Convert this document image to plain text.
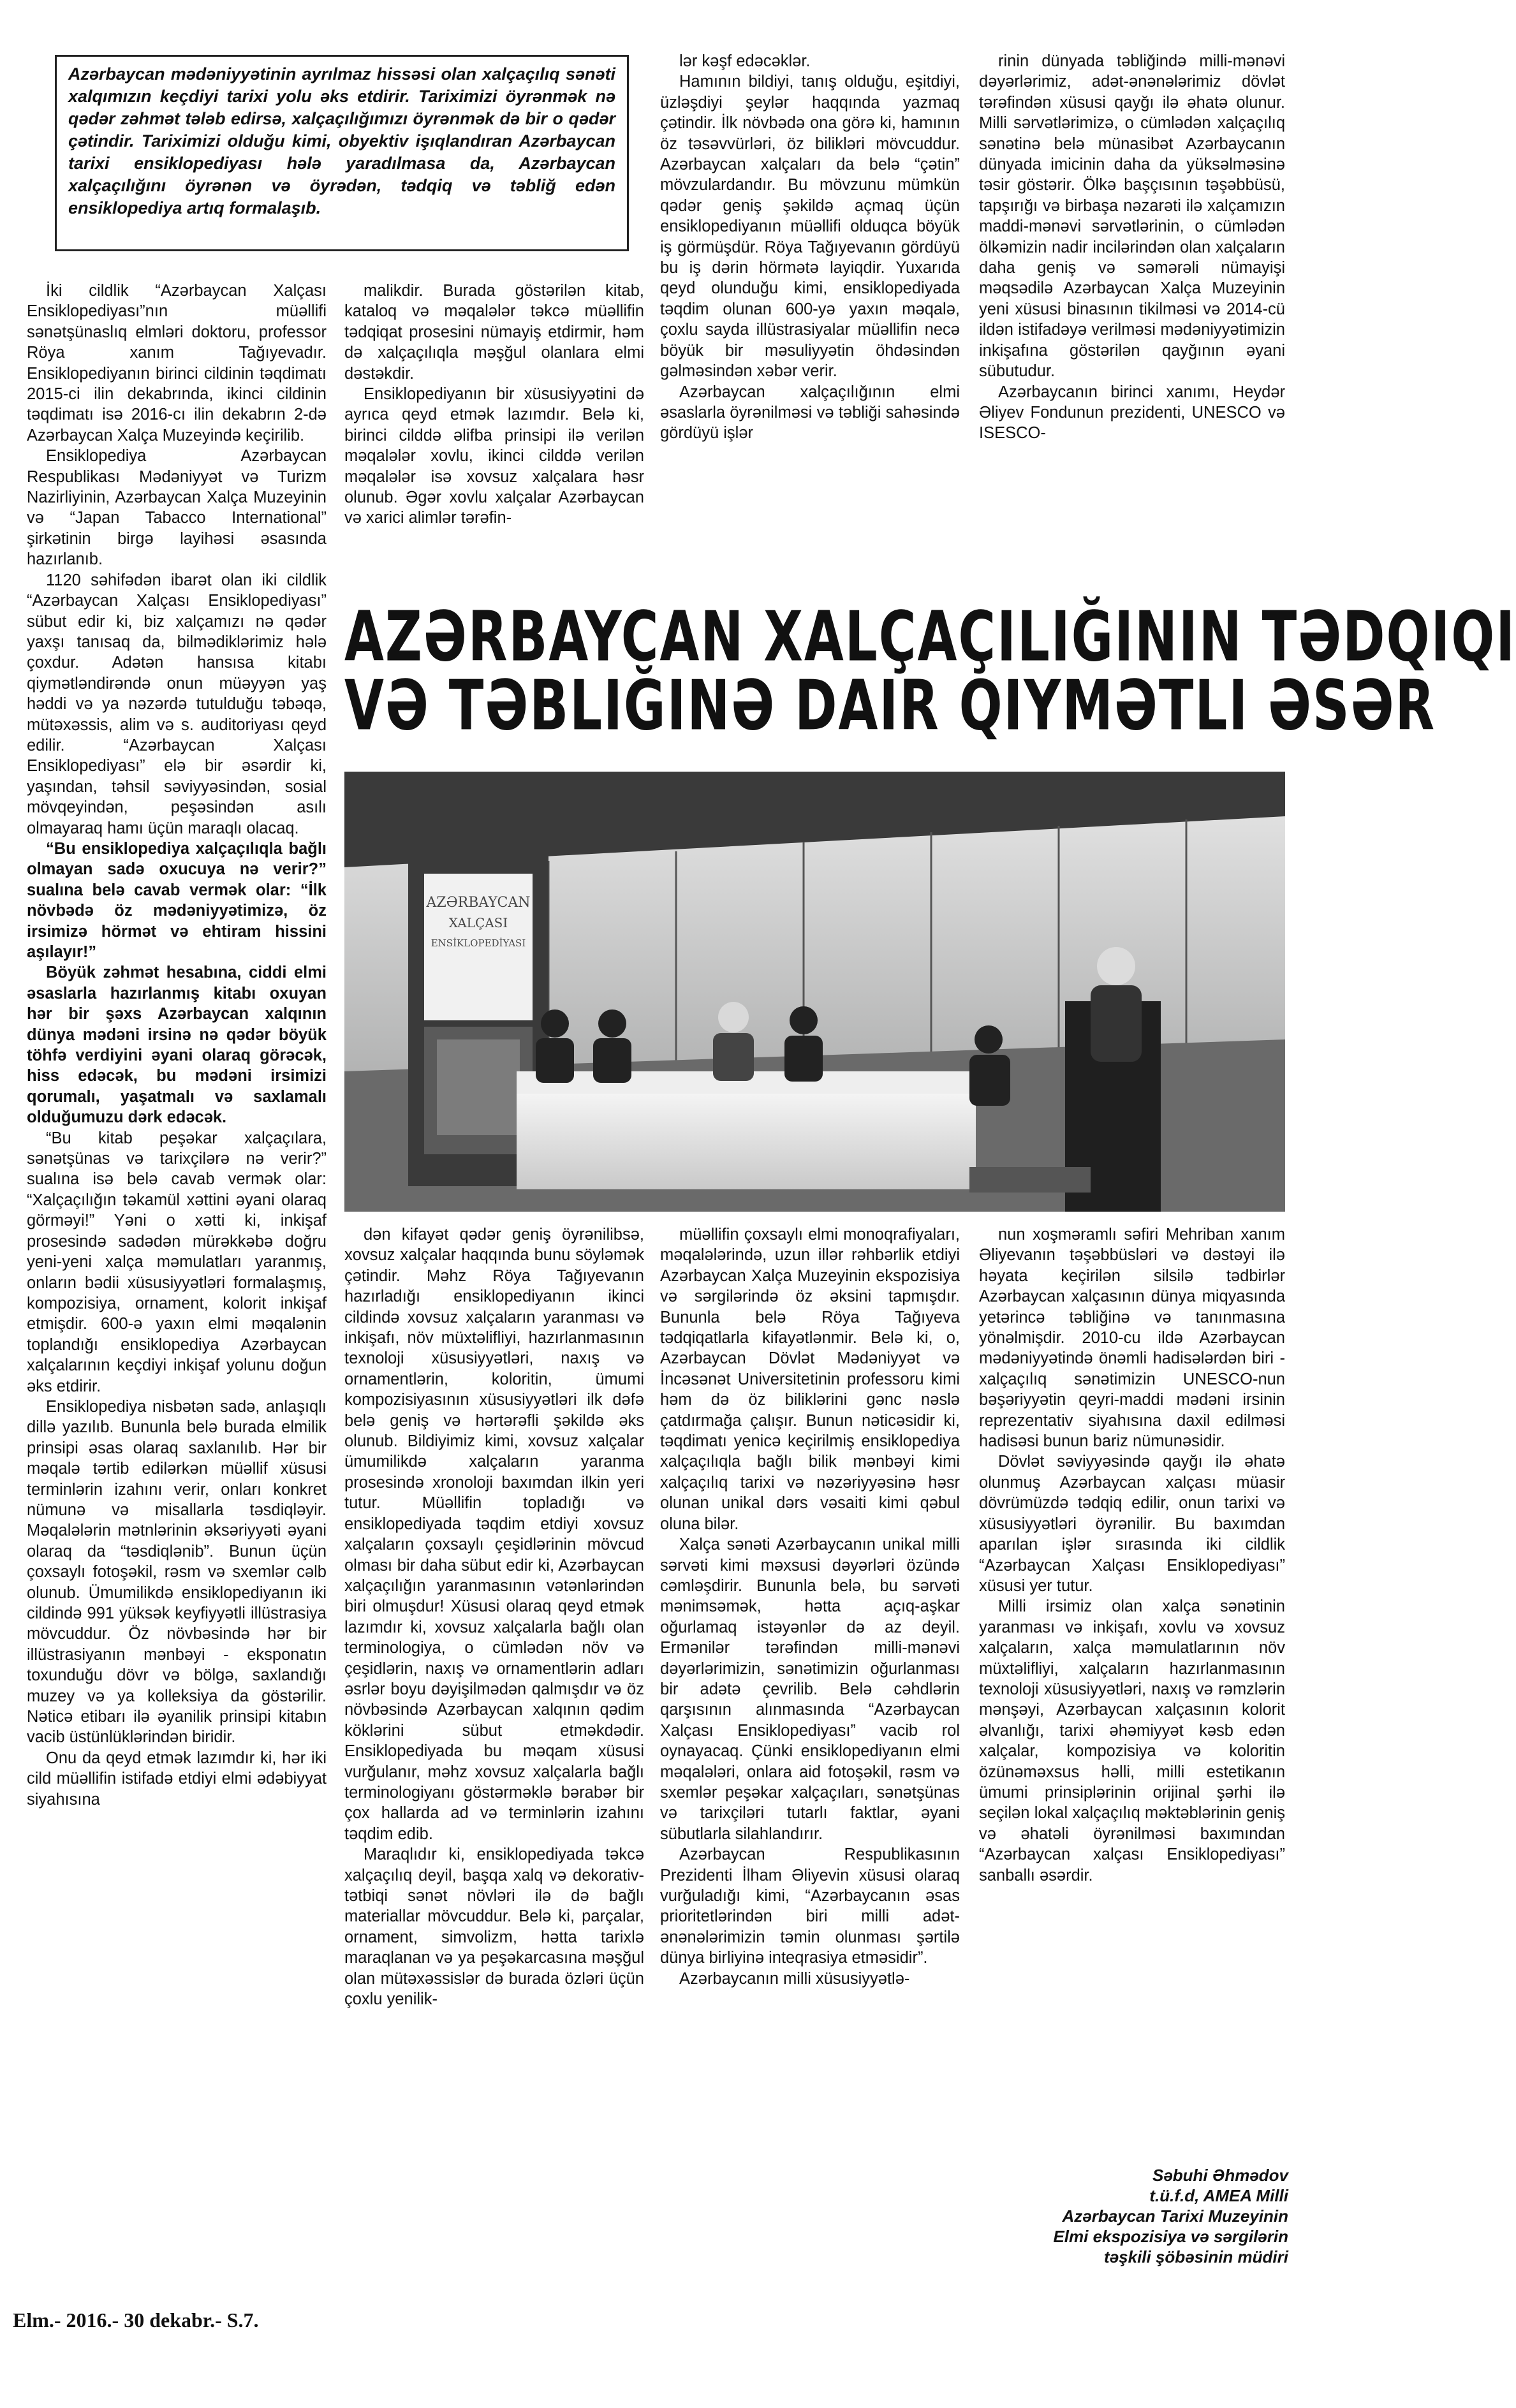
Azərbaycan mədəniyyətinin ayrılmaz hissəsi olan xalçaçılıq sənəti xalqımızın keçdiyi tarixi yolu əks etdirir. Tariximizi öyrənmək nə qədər zəhmət tələb edirsə, xalçaçılığımızı öyrənmək də bir o qədər çətindir. Tariximizi olduğu kimi, obyektiv işıqlandıran Azərbaycan tarixi ensiklopediyası hələ yaradılmasa da, Azərbaycan xalçaçılığını öyrənən və öyrədən, tədqiq və təbliğ edən ensiklopediya artıq formalaşıb.

İki cildlik “Azərbaycan Xalçası Ensiklopediyası”nın müəllifi sənətşünaslıq elmləri doktoru, professor Röya xanım Tağıyevadır. Ensiklopediyanın birinci cildinin təqdimatı 2015-ci ilin dekabrında, ikinci cildinin təqdimatı isə 2016-cı ilin dekabrın 2-də Azərbaycan Xalça Muzeyində keçirilib.

Ensiklopediya Azərbaycan Respublikası Mədəniyyət və Turizm Nazirliyinin, Azərbaycan Xalça Muzeyinin və “Japan Tabacco International” şirkətinin birgə layihəsi əsasında hazırlanıb.

1120 səhifədən ibarət olan iki cildlik “Azərbaycan Xalçası Ensiklopediyası” sübut edir ki, biz xalçamızı nə qədər yaxşı tanısaq da, bilmədiklərimiz hələ çoxdur. Adətən hansısa kitabı qiymətləndirəndə onun müəyyən yaş həddi və ya nəzərdə tutulduğu təbəqə, mütəxəssis, alim və s. auditoriyası qeyd edilir. “Azərbaycan Xalçası Ensiklopediyası” elə bir əsərdir ki, yaşından, təhsil səviyyəsindən, sosial mövqeyindən, peşəsindən asılı olmayaraq hamı üçün maraqlı olacaq.

“Bu ensiklopediya xalçaçılıqla bağlı olmayan sadə oxucuya nə verir?” sualına belə cavab vermək olar: “İlk növbədə öz mədəniyyətimizə, öz irsimizə hörmət və ehtiram hissini aşılayır!”

Böyük zəhmət hesabına, ciddi elmi əsaslarla hazırlanmış kitabı oxuyan hər bir şəxs Azərbaycan xalqının dünya mədəni irsinə nə qədər böyük töhfə verdiyini əyani olaraq görəcək, hiss edəcək, bu mədəni irsimizi qorumalı, yaşatmalı və saxlamalı olduğumuzu dərk edəcək.

“Bu kitab peşəkar xalçaçılara, sənətşünas və tarixçilərə nə verir?” sualına isə belə cavab vermək olar: “Xalçaçılığın təkamül xəttini əyani olaraq görməyi!” Yəni o xətti ki, inkişaf prosesində sadədən mürəkkəbə doğru yeni-yeni xalça məmulatları yaranmış, onların bədii xüsusiyyətləri formalaşmış, kompozisiya, ornament, kolorit inkişaf etmişdir. 600-ə yaxın elmi məqalənin toplandığı ensiklopediya Azərbaycan xalçalarının keçdiyi inkişaf yolunu doğun əks etdirir.

Ensiklopediya nisbətən sadə, anlaşıqlı dillə yazılıb. Bununla belə burada elmilik prinsipi əsas olaraq saxlanılıb. Hər bir məqalə tərtib edilərkən müəllif xüsusi terminlərin izahını verir, onları konkret nümunə və misallarla təsdiqləyir. Məqalələrin mətnlərinin əksəriyyəti əyani olaraq da “təsdiqlənib”. Bunun üçün çoxsaylı fotoşəkil, rəsm və sxemlər cəlb olunub. Ümumilikdə ensiklopediyanın iki cildində 991 yüksək keyfiyyətli illüstrasiya mövcuddur. Öz növbəsində hər bir illüstrasiyanın mənbəyi - eksponatın toxunduğu dövr və bölgə, saxlandığı muzey və ya kolleksiya da göstərilir. Nəticə etibarı ilə əyanilik prinsipi kitabın vacib üstünlüklərindən biridir.

Onu da qeyd etmək lazımdır ki, hər iki cild müəllifin istifadə etdiyi elmi ədəbiyyat siyahısına

malikdir. Burada göstərilən kitab, kataloq və məqalələr təkcə müəllifin tədqiqat prosesini nümayiş etdirmir, həm də xalçaçılıqla məşğul olanlara elmi dəstəkdir.

Ensiklopediyanın bir xüsusiyyətini də ayrıca qeyd etmək lazımdır. Belə ki, birinci cilddə əlifba prinsipi ilə verilən məqalələr xovlu, ikinci cilddə verilən məqalələr isə xovsuz xalçalara həsr olunub. Əgər xovlu xalçalar Azərbaycan və xarici alimlər tərəfin-

lər kəşf edəcəklər.

Hamının bildiyi, tanış olduğu, eşitdiyi, üzləşdiyi şeylər haqqında yazmaq çətindir. İlk növbədə ona görə ki, hamının öz təsəvvürləri, öz bilikləri mövcuddur. Azərbaycan xalçaları da belə “çətin” mövzulardandır. Bu mövzunu mümkün qədər geniş şəkildə açmaq üçün ensiklopediyanın müəllifi olduqca böyük iş görmüşdür. Röya Tağıyevanın gördüyü bu iş dərin hörmətə layiqdir. Yuxarıda qeyd olunduğu kimi, ensiklopediyada təqdim olunan 600-yə yaxın məqalə, çoxlu sayda illüstrasiyalar müəllifin necə böyük bir məsuliyyətin öhdəsindən gəlməsindən xəbər verir.

Azərbaycan xalçaçılığının elmi əsaslarla öyrənilməsi və təbliği sahəsində gördüyü işlər

rinin dünyada təbliğində milli-mənəvi dəyərlərimiz, adət-ənənələrimiz dövlət tərəfindən xüsusi qayğı ilə əhatə olunur. Milli sərvətlərimizə, o cümlədən xalçaçılıq sənətinə belə münasibət Azərbaycanın dünyada imicinin daha da yüksəlməsinə təsir göstərir. Ölkə başçısının təşəbbüsü, tapşırığı və birbaşa nəzarəti ilə xalçamızın maddi-mənəvi sərvətlərinin, o cümlədən ölkəmizin nadir incilərindən olan xalçaların daha geniş və səmərəli nümayişi məqsədilə Azərbaycan Xalça Muzeyinin yeni xüsusi binasının tikilməsi və 2014-cü ildən istifadəyə verilməsi mədəniyyətimizin inkişafına göstərilən qayğının əyani sübutudur.

Azərbaycanın birinci xanımı, Heydər Əliyev Fondunun prezidenti, UNESCO və ISESCO-

AZƏRBAYCAN XALÇAÇILIĞININ TƏDQIQI
VƏ TƏBLIĞINƏ DAIR QIYMƏTLI ƏSƏR
AZƏRBAYCAN
XALÇASI
ENSİKLOPEDİYASI

dən kifayət qədər geniş öyrənilibsə, xovsuz xalçalar haqqında bunu söyləmək çətindir. Məhz Röya Tağıyevanın hazırladığı ensiklopediyanın ikinci cildində xovsuz xalçaların yaranması və inkişafı, növ müxtəlifliyi, hazırlanmasının texnoloji xüsusiyyətləri, naxış və ornamentlərin, koloritin, ümumi kompozisiyasının xüsusiyyətləri ilk dəfə belə geniş və hərtərəfli şəkildə əks olunub. Bildiyimiz kimi, xovsuz xalçalar ümumilikdə xalçaların yaranma prosesində xronoloji baxımdan ilkin yeri tutur. Müəllifin topladığı və ensiklopediyada təqdim etdiyi xovsuz xalçaların çoxsaylı çeşidlərinin mövcud olması bir daha sübut edir ki, Azərbaycan xalçaçılığın yaranmasının vətənlərindən biri olmuşdur! Xüsusi olaraq qeyd etmək lazımdır ki, xovsuz xalçalarla bağlı olan terminologiya, o cümlədən növ və çeşidlərin, naxış və ornamentlərin adları əsrlər boyu dəyişilmədən qalmışdır və öz növbəsində Azərbaycan xalqının qədim köklərini sübut etməkdədir. Ensiklopediyada bu məqam xüsusi vurğulanır, məhz xovsuz xalçalarla bağlı terminologiyanı göstərməklə bərabər bir çox hallarda ad və terminlərin izahını təqdim edib.

Maraqlıdır ki, ensiklopediyada təkcə xalçaçılıq deyil, başqa xalq və dekorativ-tətbiqi sənət növləri ilə də bağlı materiallar mövcuddur. Belə ki, parçalar, ornament, simvolizm, hətta tarixlə maraqlanan və ya peşəkarcasına məşğul olan mütəxəssislər də burada özləri üçün çoxlu yenilik-

müəllifin çoxsaylı elmi monoqrafiyaları, məqalələrində, uzun illər rəhbərlik etdiyi Azərbaycan Xalça Muzeyinin ekspozisiya və sərgilərində öz əksini tapmışdır. Bununla belə Röya Tağıyeva tədqiqatlarla kifayətlənmir. Belə ki, o, Azərbaycan Dövlət Mədəniyyət və İncəsənət Universitetinin professoru kimi həm də öz biliklərini gənc nəslə çatdırmağa çalışır. Bunun nəticəsidir ki, təqdimatı yenicə keçirilmiş ensiklopediya xalçaçılıqla bağlı bilik mənbəyi kimi xalçaçılıq tarixi və nəzəriyyəsinə həsr olunan unikal dərs vəsaiti kimi qəbul oluna bilər.

Xalça sənəti Azərbaycanın unikal milli sərvəti kimi məxsusi dəyərləri özündə cəmləşdirir. Bununla belə, bu sərvəti mənimsəmək, hətta açıq-aşkar oğurlamaq istəyənlər də az deyil. Ermənilər tərəfindən milli-mənəvi dəyərlərimizin, sənətimizin oğurlanması bir adətə çevrilib. Belə cəhdlərin qarşısının alınmasında “Azərbaycan Xalçası Ensiklopediyası” vacib rol oynayacaq. Çünki ensiklopediyanın elmi məqalələri, onlara aid fotoşəkil, rəsm və sxemlər peşəkar xalçaçıları, sənətşünas və tarixçiləri tutarlı faktlar, əyani sübutlarla silahlandırır.

Azərbaycan Respublikasının Prezidenti İlham Əliyevin xüsusi olaraq vurğuladığı kimi, “Azərbaycanın əsas prioritetlərindən biri milli adət-ənənələrimizin təmin olunması şərtilə dünya birliyinə inteqrasiya etməsidir”.

Azərbaycanın milli xüsusiyyətlə-

nun xoşməramlı səfiri Mehriban xanım Əliyevanın təşəbbüsləri və dəstəyi ilə həyata keçirilən silsilə tədbirlər Azərbaycan xalçasının dünya miqyasında yetərincə təbliğinə və tanınmasına yönəlmişdir. 2010-cu ildə Azərbaycan mədəniyyətində önəmli hadisələrdən biri - xalçaçılıq sənətimizin UNESCO-nun bəşəriyyətin qeyri-maddi mədəni irsinin reprezentativ siyahısına daxil edilməsi hadisəsi bunun bariz nümunəsidir.

Dövlət səviyyəsində qayğı ilə əhatə olunmuş Azərbaycan xalçası müasir dövrümüzdə tədqiq edilir, onun tarixi və xüsusiyyətləri öyrənilir. Bu baxımdan aparılan işlər sırasında iki cildlik “Azərbaycan Xalçası Ensiklopediyası” xüsusi yer tutur.

Milli irsimiz olan xalça sənətinin yaranması və inkişafı, xovlu və xovsuz xalçaların, xalça məmulatlarının növ müxtəlifliyi, xalçaların hazırlanmasının texnoloji xüsusiyyətləri, naxış və rəmzlərin mənşəyi, Azərbaycan xalçasının kolorit əlvanlığı, tarixi əhəmiyyət kəsb edən xalçalar, kompozisiya və koloritin özünəməxsus həlli, milli estetikanın ümumi prinsiplərinin orijinal şərhi ilə seçilən lokal xalçaçılıq məktəblərinin geniş və əhatəli öyrənilməsi baxımından “Azərbaycan xalçası Ensiklopediyası” sanballı əsərdir.

Səbuhi Əhmədov
t.ü.f.d, AMEA Milli
Azərbaycan Tarixi Muzeyinin
Elmi ekspozisiya və sərgilərin
təşkili şöbəsinin müdiri
Elm.- 2016.- 30 dekabr.- S.7.
